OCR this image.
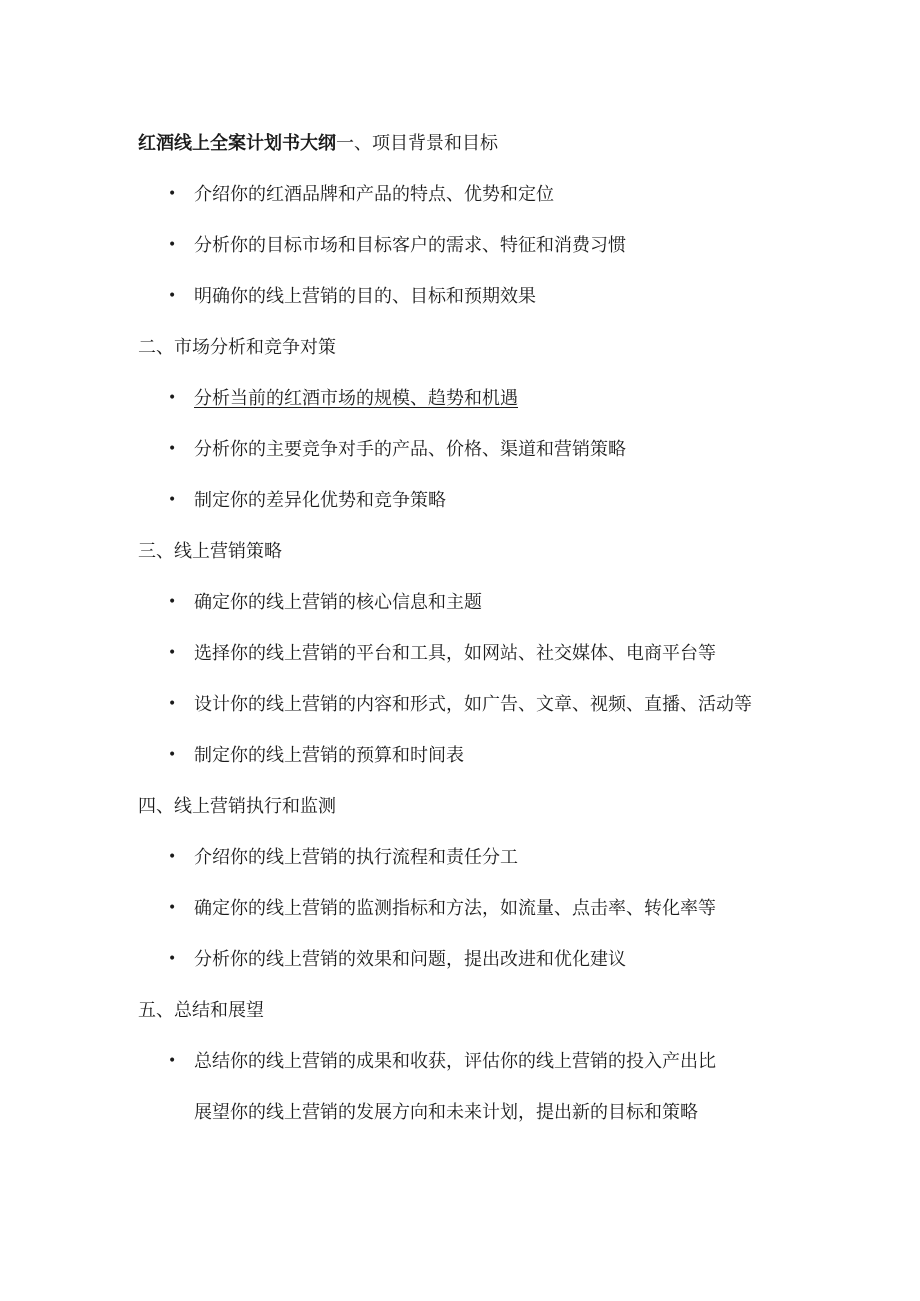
红酒线上全案计划书大纲一、项目背景和目标
• 介绍你的红酒品牌和产品的特点、优势和定位
• 分析你的目标市场和目标客户的需求、特征和消费习惯
• 明确你的线上营销的目的、目标和预期效果
二、市场分析和竞争对策
• 分析当前的红酒市场的规模、趋势和机遇
• 分析你的主要竞争对手的产品、价格、渠道和营销策略
• 制定你的差异化优势和竞争策略
三、线上营销策略
• 确定你的线上营销的核心信息和主题
• 选择你的线上营销的平台和工具，如网站、社交媒体、电商平台等
• 设计你的线上营销的内容和形式，如广告、文章、视频、直播、活动等
• 制定你的线上营销的预算和时间表
四、线上营销执行和监测
• 介绍你的线上营销的执行流程和责任分工
• 确定你的线上营销的监测指标和方法，如流量、点击率、转化率等
• 分析你的线上营销的效果和问题，提出改进和优化建议
五、总结和展望
• 总结你的线上营销的成果和收获，评估你的线上营销的投入产出比
展望你的线上营销的发展方向和未来计划，提出新的目标和策略
